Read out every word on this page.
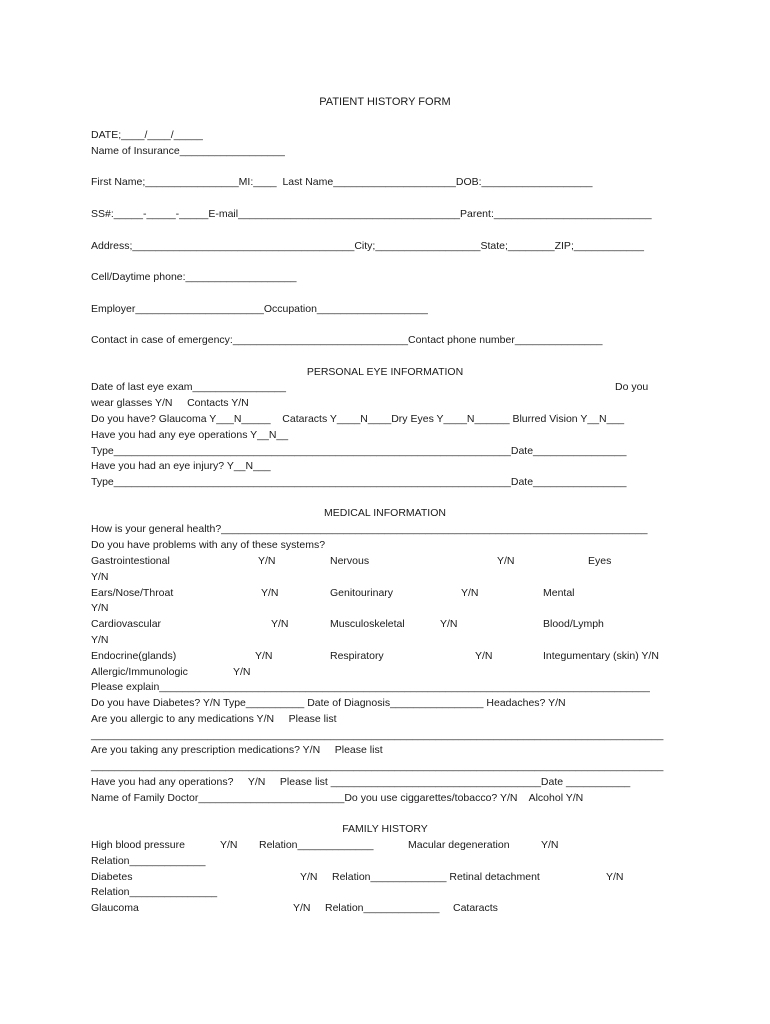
PATIENT HISTORY FORM
DATE;____/____/_____
Name of Insurance__________________
First Name;________________MI:____  Last Name_____________________DOB:___________________
SS#:_____-_____-_____E-mail______________________________________Parent:___________________________
Address;______________________________________City;__________________State;________ZIP;____________
Cell/Daytime phone:___________________
Employer______________________Occupation___________________
Contact in case of emergency:______________________________Contact phone number_______________
PERSONAL EYE INFORMATION
Date of last eye exam________________	Do you
wear glasses Y/N     Contacts Y/N
Do you have? Glaucoma Y___N_____    Cataracts Y____N____Dry Eyes Y____N______ Blurred Vision Y__N___
Have you had any eye operations Y__N__
Type____________________________________________________________________Date________________
Have you had an eye injury? Y__N___
Type____________________________________________________________________Date________________
MEDICAL INFORMATION
How is your general health?_________________________________________________________________________
Do you have problems with any of these systems?
Gastrointestional	Y/N	Nervous	Y/N	Eyes
Y/N
Ears/Nose/Throat	Y/N	Genitourinary	Y/N	Mental
Y/N
Cardiovascular	Y/N	Musculoskeletal	Y/N	Blood/Lymph
Y/N
Endocrine(glands)	Y/N	Respiratory	Y/N	Integumentary (skin) Y/N
Allergic/Immunologic	Y/N
Please explain____________________________________________________________________________________
Do you have Diabetes? Y/N Type__________ Date of Diagnosis________________ Headaches? Y/N
Are you allergic to any medications Y/N     Please list
__________________________________________________________________________________________________
Are you taking any prescription medications? Y/N     Please list
__________________________________________________________________________________________________
Have you had any operations?     Y/N     Please list ____________________________________Date ___________
Name of Family Doctor_________________________Do you use ciggarettes/tobacco? Y/N    Alcohol Y/N
FAMILY HISTORY
High blood pressure	Y/N Relation_____________	Macular degeneration	Y/N
Relation_____________
Diabetes	Y/N Relation_____________ Retinal detachment	Y/N
Relation_______________
Glaucoma	Y/N Relation_____________ Cataracts
